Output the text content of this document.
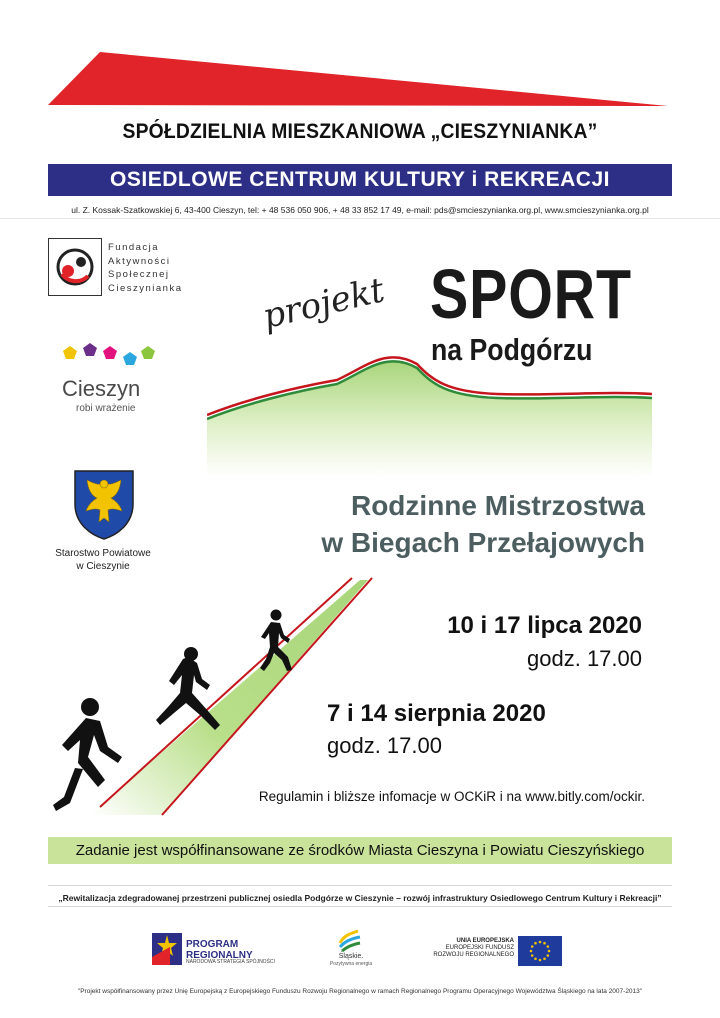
SPÓŁDZIELNIA MIESZKANIOWA „CIESZYNIANKA”
OSIEDLOWE CENTRUM KULTURY i REKREACJI
ul. Z. Kossak-Szatkowskiej 6, 43-400 Cieszyn, tel: + 48 536 050 906, + 48 33 852 17 49, e-mail: pds@smcieszynianka.org.pl, www.smcieszynianka.org.pl
Fundacja
Aktywności
Społecznej
Cieszynianka
Cieszyn
robi wrażenie
Starostwo Powiatowe
w Cieszynie
projekt SPORT
na Podgórzu
Rodzinne Mistrzostwa
w Biegach Przełajowych
10 i 17 lipca 2020
godz. 17.00
7 i 14 sierpnia 2020
godz. 17.00
Regulamin i bliższe infomacje w OCKiR i na www.bitly.com/ockir.
Zadanie jest współfinansowane ze środków Miasta Cieszyna i Powiatu Cieszyńskiego
„Rewitalizacja zdegradowanej przestrzeni publicznej osiedla Podgórze w Cieszynie – rozwój infrastruktury Osiedlowego Centrum Kultury i Rekreacji”
PROGRAM
REGIONALNY
NARODOWA STRATEGIA SPÓJNOŚCI
Śląskie.
Pozytywna energia
UNIA EUROPEJSKA
EUROPEJSKI FUNDUSZ
ROZWOJU REGIONALNEGO
"Projekt współfinansowany przez Unię Europejską z Europejskiego Funduszu Rozwoju Regionalnego w ramach Regionalnego Programu Operacyjnego Województwa Śląskiego na lata 2007-2013"
